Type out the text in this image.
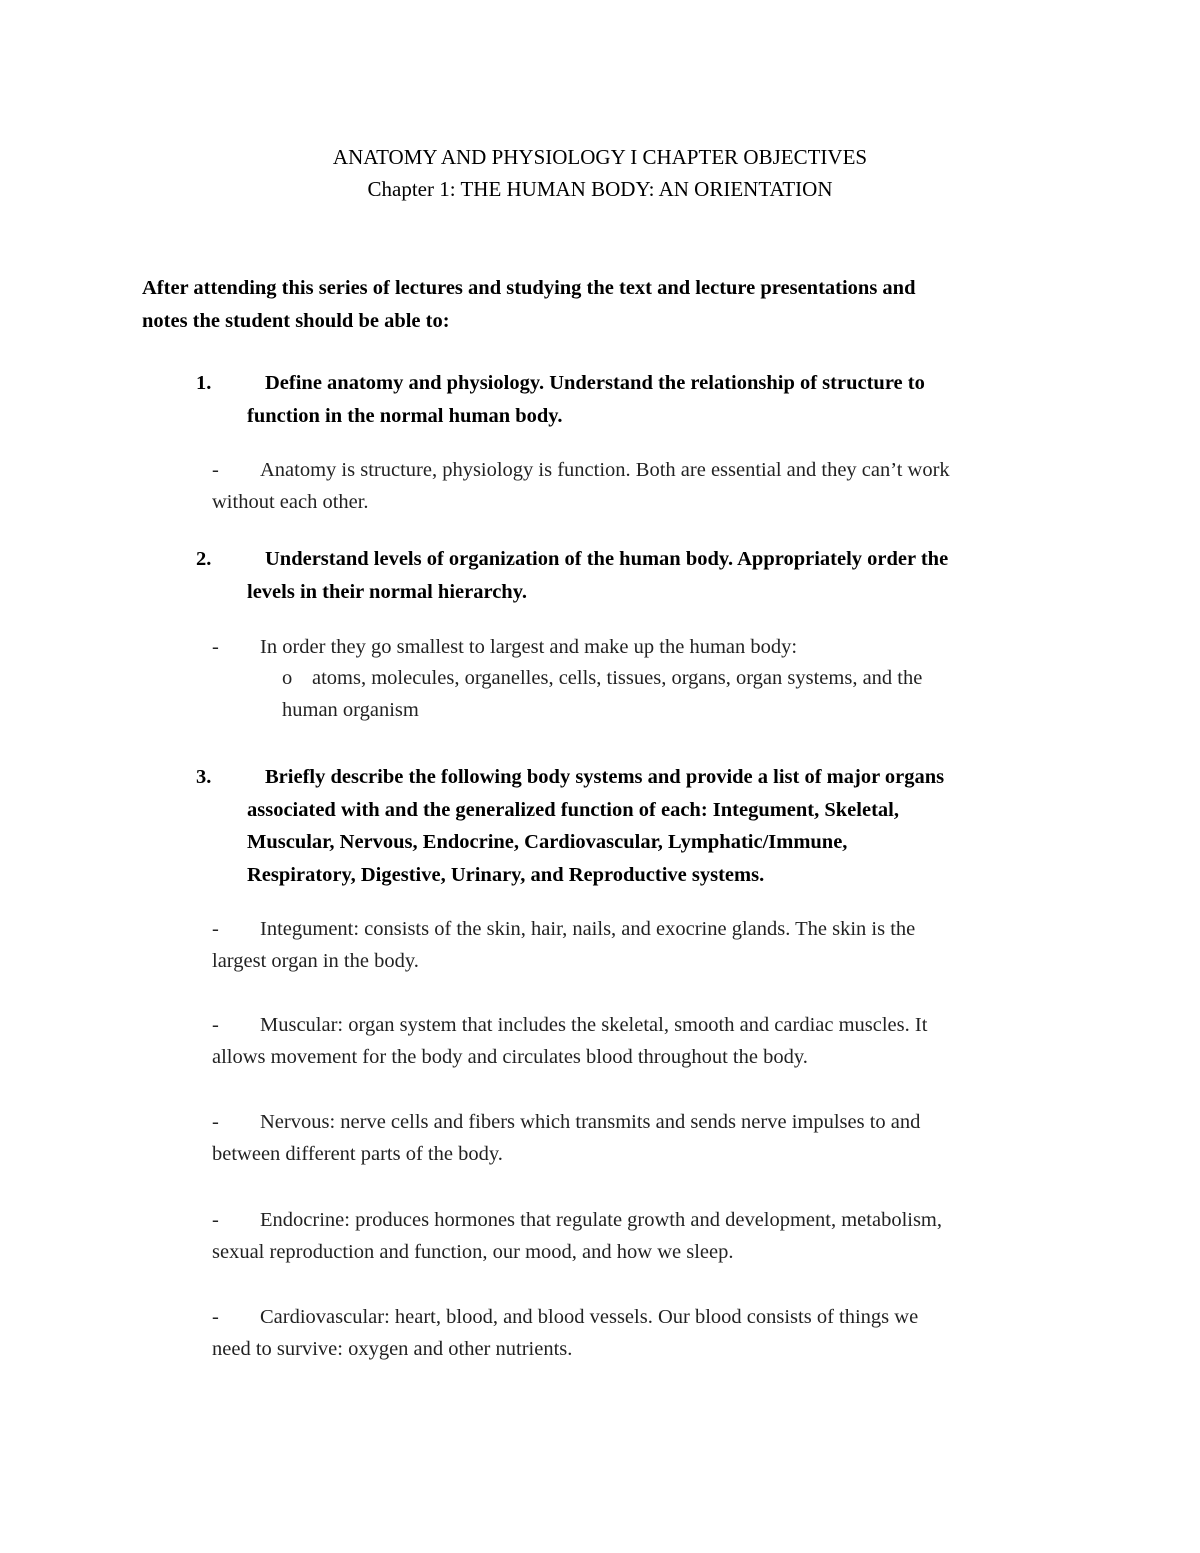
ANATOMY AND PHYSIOLOGY I CHAPTER OBJECTIVES
Chapter 1: THE HUMAN BODY: AN ORIENTATION
After attending this series of lectures and studying the text and lecture presentations and
notes the student should be able to:
1.	Define anatomy and physiology. Understand the relationship of structure to
function in the normal human body.
-	Anatomy is structure, physiology is function. Both are essential and they can’t work
without each other.
2.	Understand levels of organization of the human body. Appropriately order the
levels in their normal hierarchy.
-	In order they go smallest to largest and make up the human body:
o atoms, molecules, organelles, cells, tissues, organs, organ systems, and the
human organism
3.	Briefly describe the following body systems and provide a list of major organs
associated with and the generalized function of each: Integument, Skeletal,
Muscular, Nervous, Endocrine, Cardiovascular, Lymphatic/Immune,
Respiratory, Digestive, Urinary, and Reproductive systems.
-	Integument: consists of the skin, hair, nails, and exocrine glands. The skin is the
largest organ in the body.
-	Muscular: organ system that includes the skeletal, smooth and cardiac muscles. It
allows movement for the body and circulates blood throughout the body.
-	Nervous: nerve cells and fibers which transmits and sends nerve impulses to and
between different parts of the body.
-	Endocrine: produces hormones that regulate growth and development, metabolism,
sexual reproduction and function, our mood, and how we sleep.
-	Cardiovascular: heart, blood, and blood vessels. Our blood consists of things we
need to survive: oxygen and other nutrients.
